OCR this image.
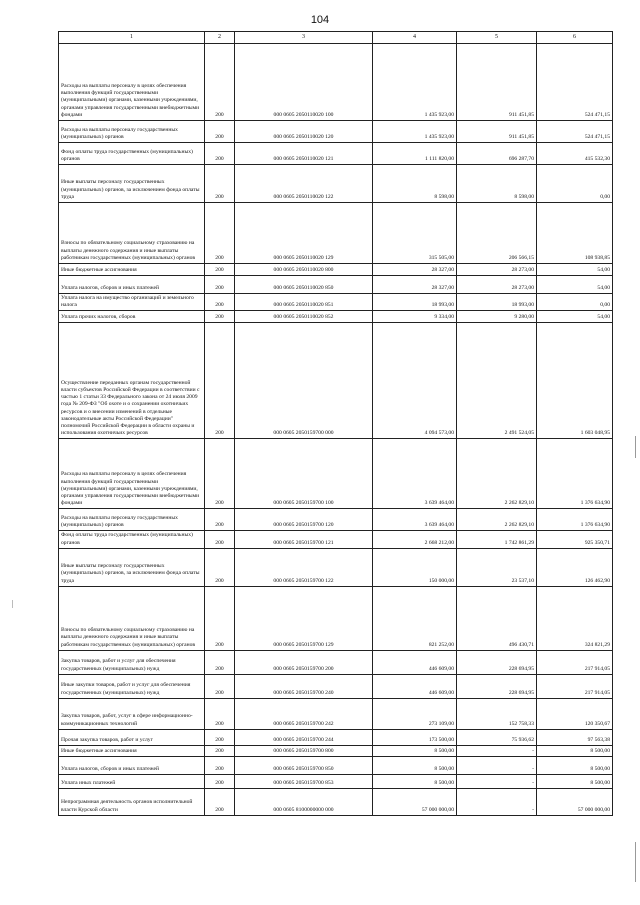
104
1	2	3	4	5	6
Расходы на выплаты персоналу в целях обеспечения выполнения функций государственными (муниципальными) органами, казенными учреждениями, органами управления государственными внебюджетными фондами	200	000 0605 2050110020 100	1 435 923,00	911 451,85	524 471,15
Расходы на выплаты персоналу государственных (муниципальных) органов	200	000 0605 2050110020 120	1 435 923,00	911 451,85	524 471,15
Фонд оплаты труда государственных (муниципальных) органов	200	000 0605 2050110020 121	1 111 820,00	696 287,70	415 532,30
Иные выплаты персоналу государственных (муниципальных) органов, за исключением фонда оплаты труда	200	000 0605 2050110020 122	8 598,00	8 598,00	0,00
Взносы по обязательному социальному страхованию на выплаты денежного содержания и иные выплаты работникам государственных (муниципальных) органов	200	000 0605 2050110020 129	315 505,00	206 566,15	108 938,85
Иные бюджетные ассигнования	200	000 0605 2050110020 800	28 327,00	28 273,00	54,00
Уплата налогов, сборов и иных платежей	200	000 0605 2050110020 850	28 327,00	28 273,00	54,00
Уплата налога на имущество организаций и земельного налога	200	000 0605 2050110020 851	18 993,00	18 993,00	0,00
Уплата прочих налогов, сборов	200	000 0605 2050110020 852	9 334,00	9 280,00	54,00
Осуществление переданных органам государственной власти субъектов Российской Федерации в соответствии с частью 1 статьи 33 Федерального закона от 24 июля 2009 года № 209-ФЗ "Об охоте и о сохранении охотничьих ресурсов и о внесении изменений в отдельные законодательные акты Российской Федерации" полномочий Российской Федерации в области охраны и использования охотничьих ресурсов	200	000 0605 2050159700 000	4 094 573,00	2 491 524,05	1 603 048,95
Расходы на выплаты персоналу в целях обеспечения выполнения функций государственными (муниципальными) органами, казенными учреждениями, органами управления государственными внебюджетными фондами	200	000 0605 2050159700 100	3 639 464,00	2 262 829,10	1 376 634,90
Расходы на выплаты персоналу государственных (муниципальных) органов	200	000 0605 2050159700 120	3 639 464,00	2 262 829,10	1 376 634,90
Фонд оплаты труда государственных (муниципальных) органов	200	000 0605 2050159700 121	2 668 212,00	1 742 861,29	925 350,71
Иные выплаты персоналу государственных (муниципальных) органов, за исключением фонда оплаты труда	200	000 0605 2050159700 122	150 000,00	23 537,10	126 462,90
Взносы по обязательному социальному страхованию на выплаты денежного содержания и иные выплаты работникам государственных (муниципальных) органов	200	000 0605 2050159700 129	821 252,00	496 430,71	324 821,29
Закупка товаров, работ и услуг для обеспечения государственных (муниципальных) нужд	200	000 0605 2050159700 200	446 609,00	228 694,95	217 914,05
Иные закупки товаров, работ и услуг для обеспечения государственных (муниципальных) нужд	200	000 0605 2050159700 240	446 609,00	228 694,95	217 914,05
Закупка товаров, работ, услуг в сфере информационно-коммуникационных технологий	200	000 0605 2050159700 242	273 109,00	152 758,33	120 350,67
Прочая закупка товаров, работ и услуг	200	000 0605 2050159700 244	173 500,00	75 936,62	97 563,38
Иные бюджетные ассигнования	200	000 0605 2050159700 800	8 500,00	-	8 500,00
Уплата налогов, сборов и иных платежей	200	000 0605 2050159700 850	8 500,00	-	8 500,00
Уплата иных платежей	200	000 0605 2050159700 853	8 500,00	-	8 500,00
Непрограммная деятельность органов исполнительной власти Курской области	200	000 0605 8100000000 000	57 000 000,00	-	57 000 000,00
